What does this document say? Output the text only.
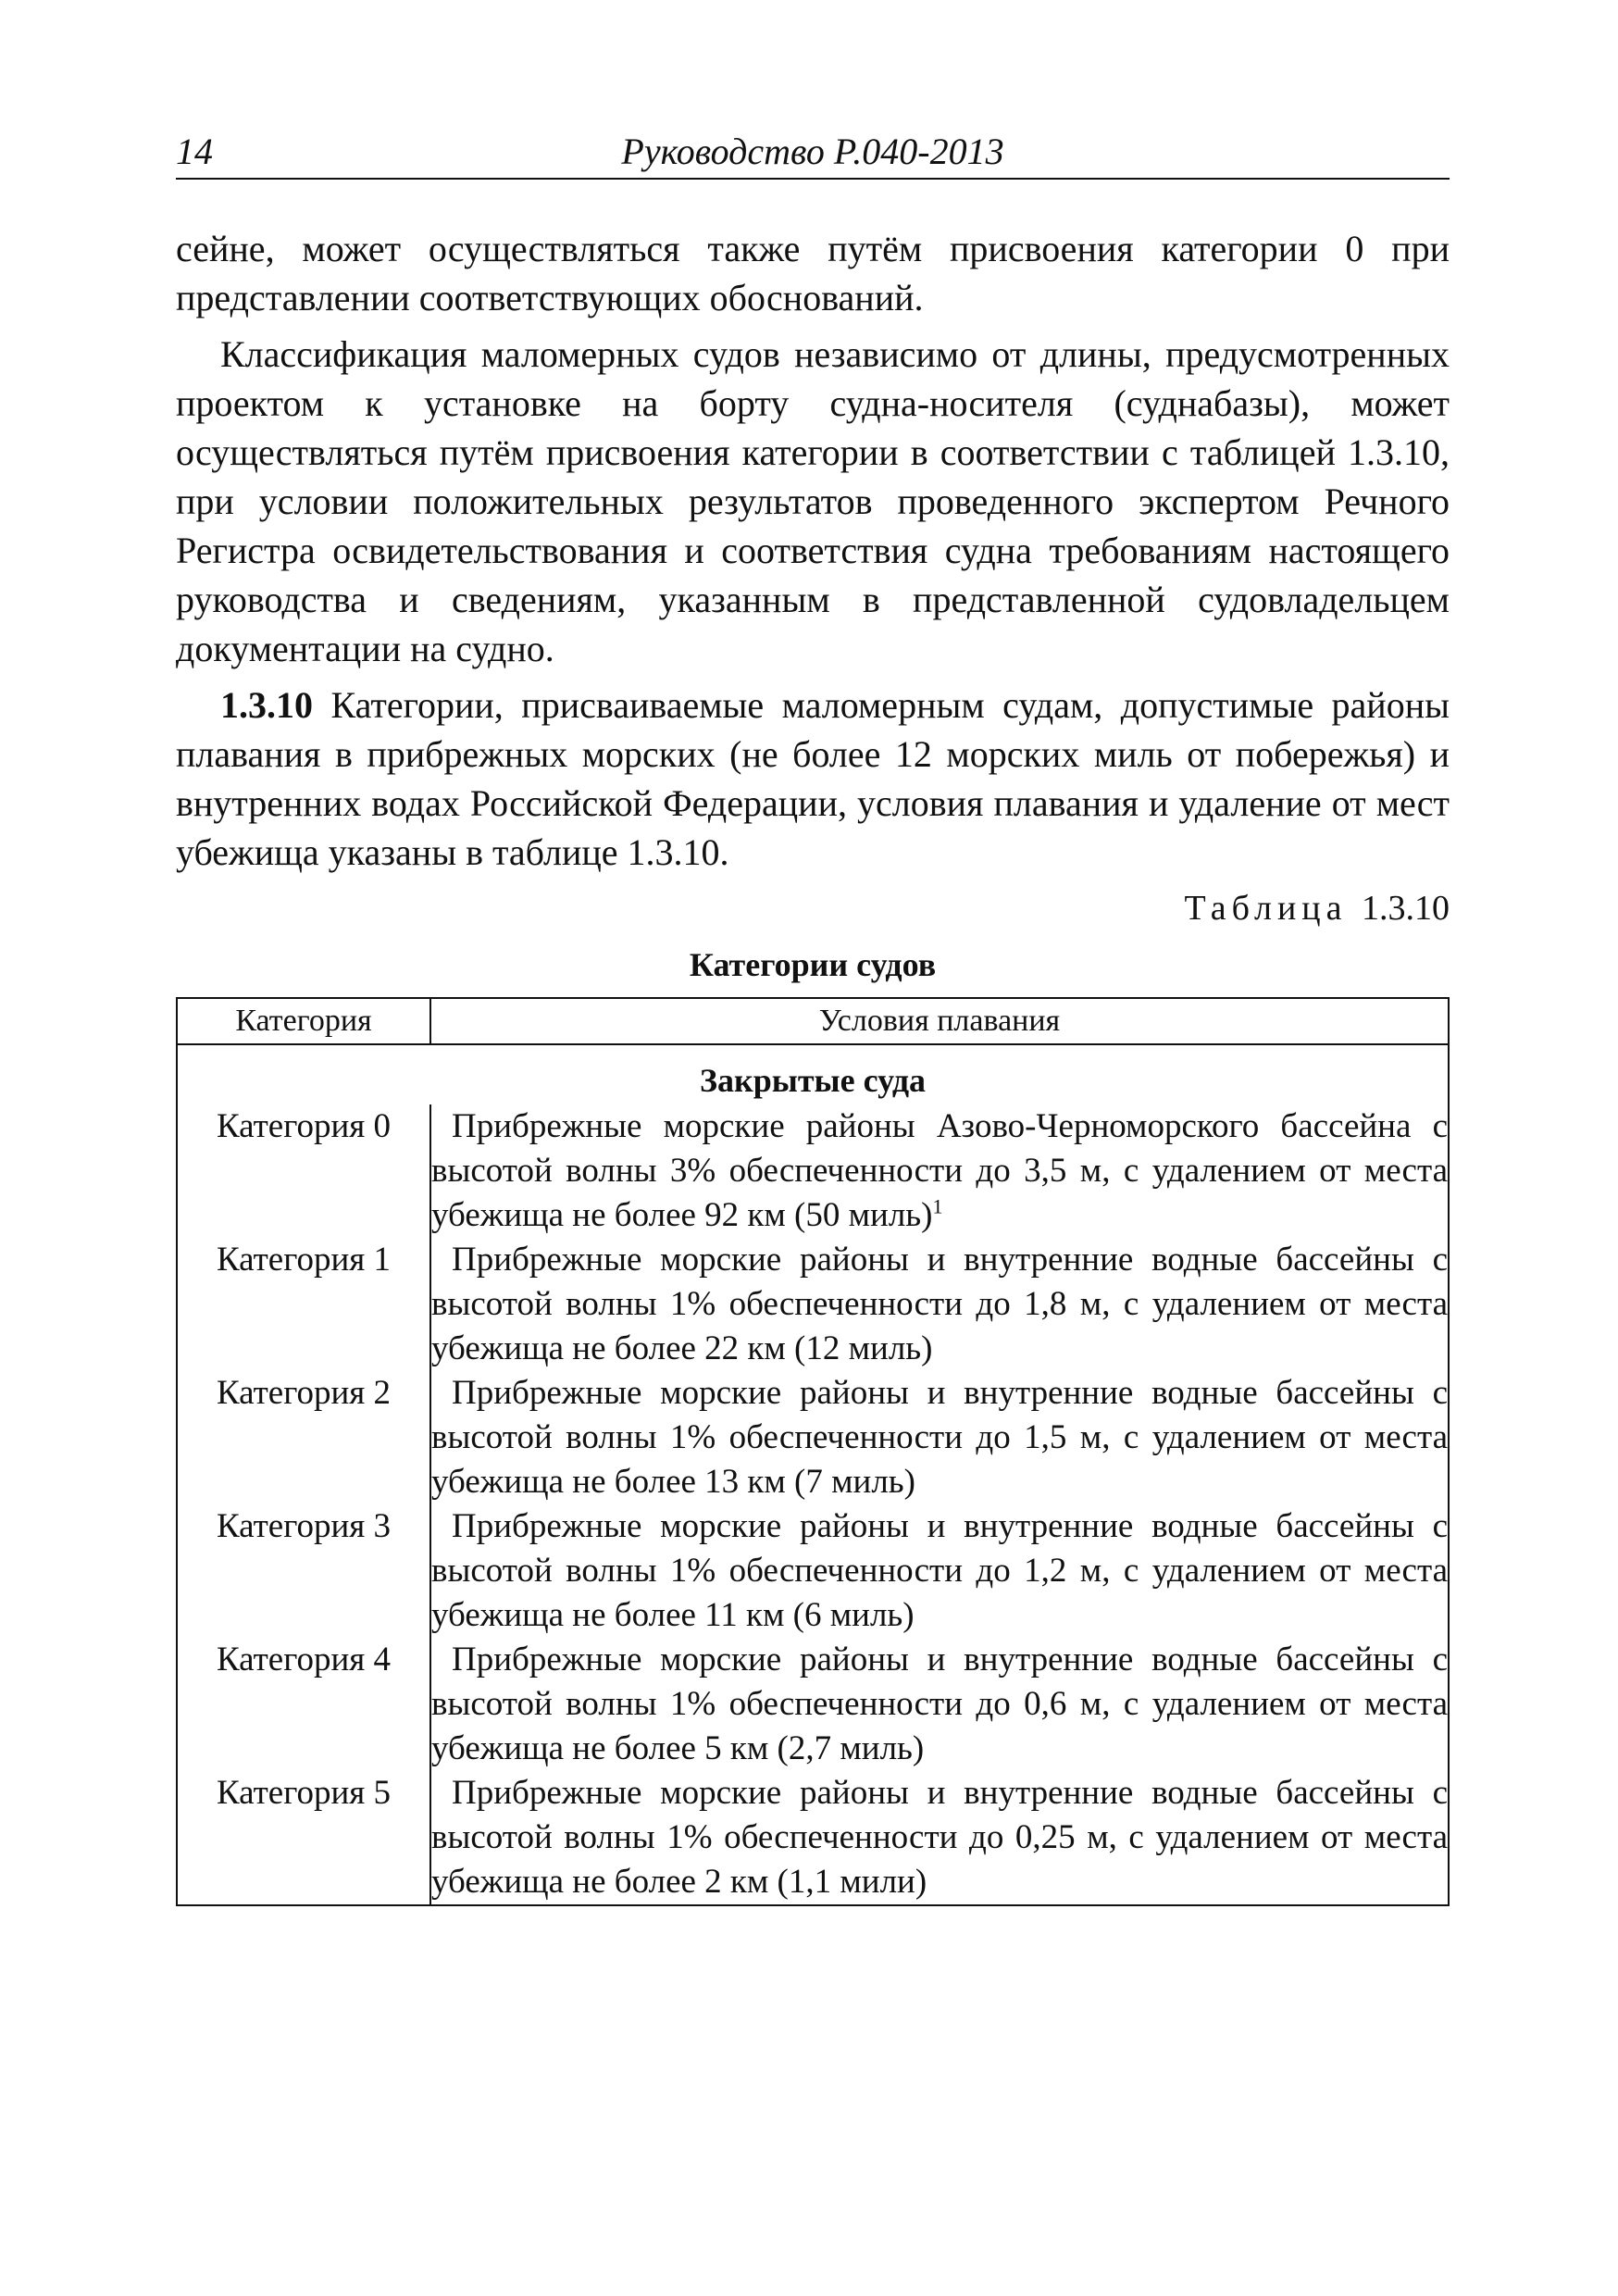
14	Руководство Р.040-2013

сейне, может осуществляться также путём присвоения категории 0 при представлении соответствующих обоснований.

Классификация маломерных судов независимо от длины, предусмотренных проектом к установке на борту судна-носителя (суднабазы), может осуществляться путём присвоения категории в соответствии с таблицей 1.3.10, при условии положительных результатов проведенного экспертом Речного Регистра освидетельствования и соответствия судна требованиям настоящего руководства и сведениям, указанным в представленной судовладельцем документации на судно.

1.3.10 Категории, присваиваемые маломерным судам, допустимые районы плавания в прибрежных морских (не более 12 морских миль от побережья) и внутренних водах Российской Федерации, условия плавания и удаление от мест убежища указаны в таблице 1.3.10.

Таблица 1.3.10
Категории судов
Категория	Условия плавания
Закрытые суда	
Категория 0	Прибрежные морские районы Азово-Черноморского бассейна с высотой волны 3% обеспеченности до 3,5 м, с удалением от места убежища не более 92 км (50 миль)$^1$

Категория 1	Прибрежные морские районы и внутренние водные бассейны с высотой волны 1% обеспеченности до 1,8 м, с удалением от места убежища не более 22 км (12 миль)

Категория 2	Прибрежные морские районы и внутренние водные бассейны с высотой волны 1% обеспеченности до 1,5 м, с удалением от места убежища не более 13 км (7 миль)

Категория 3	Прибрежные морские районы и внутренние водные бассейны с высотой волны 1% обеспеченности до 1,2 м, с удалением от места убежища не более 11 км (6 миль)

Категория 4	Прибрежные морские районы и внутренние водные бассейны с высотой волны 1% обеспеченности до 0,6 м, с удалением от места убежища не более 5 км (2,7 миль)

Категория 5	Прибрежные морские районы и внутренние водные бассейны с высотой волны 1% обеспеченности до 0,25 м, с удалением от места убежища не более 2 км (1,1 мили)
